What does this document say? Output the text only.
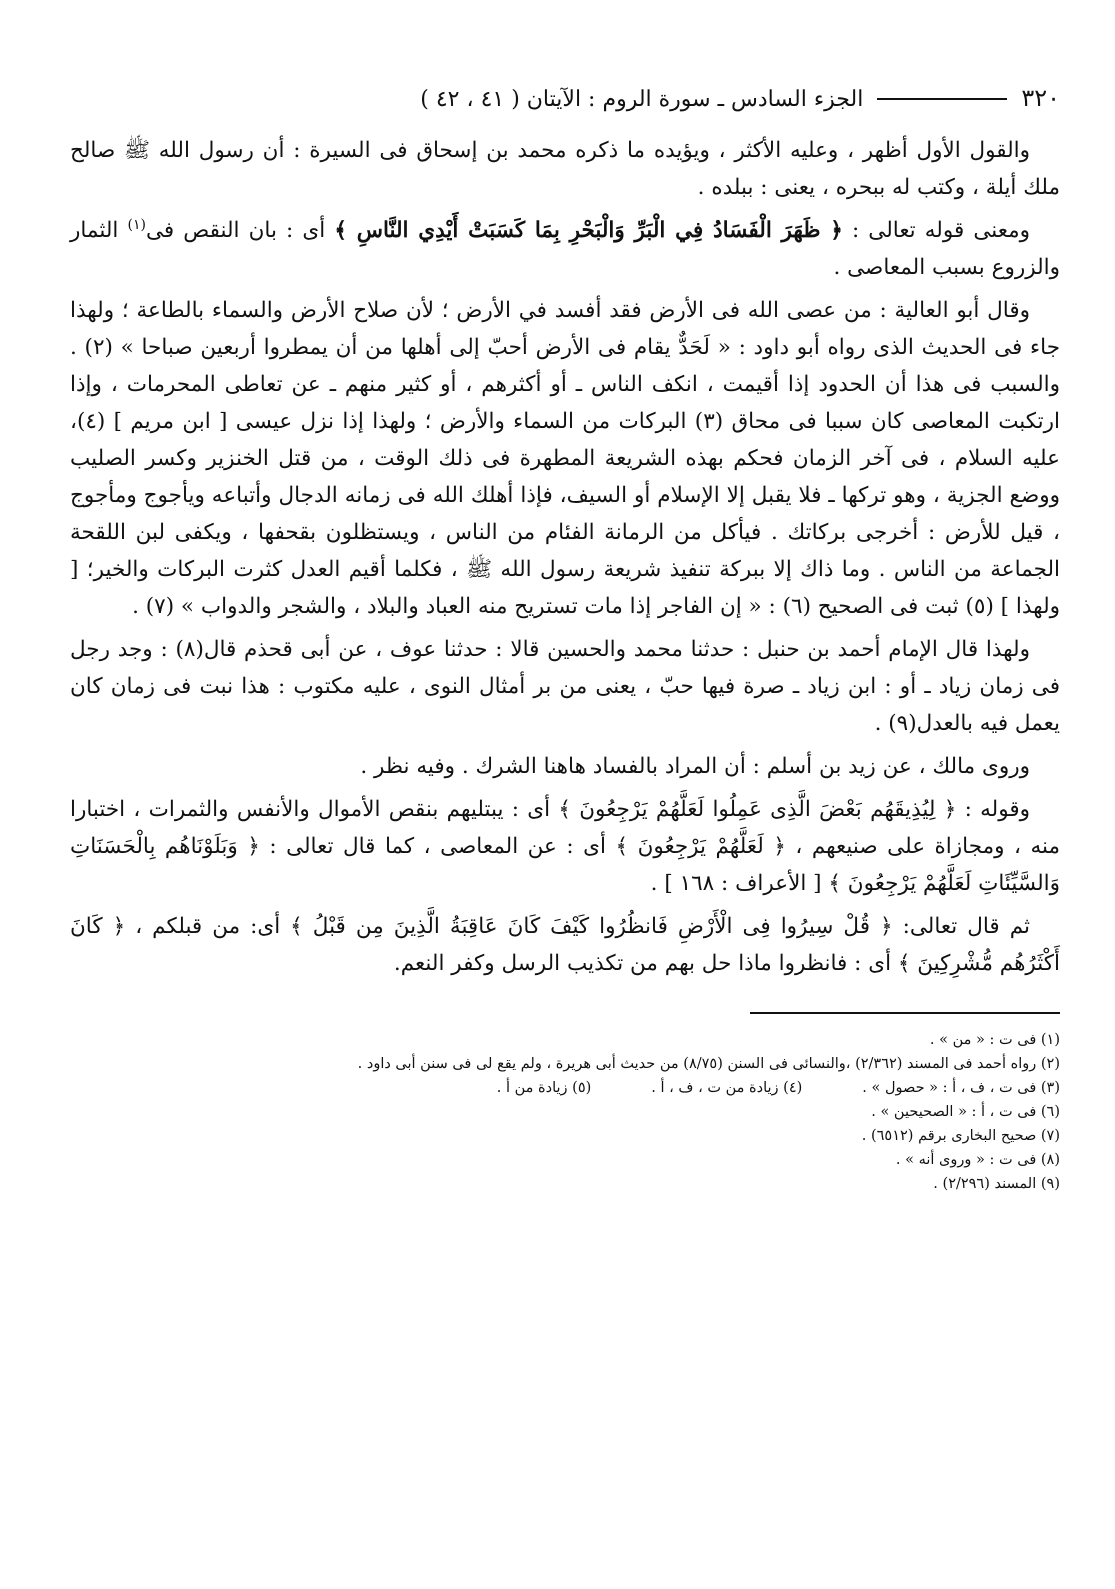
٣٢٠
الجزء السادس ـ سورة الروم : الآيتان ( ٤١ ، ٤٢ )

والقول الأول أظهر ، وعليه الأكثر ، ويؤيده ما ذكره محمد بن إسحاق فى السيرة : أن رسول الله ﷺ صالح ملك أيلة ، وكتب له ببحره ، يعنى : ببلده .

ومعنى قوله تعالى : ﴿ ظَهَرَ الْفَسَادُ فِي الْبَرِّ وَالْبَحْرِ بِمَا كَسَبَتْ أَيْدِي النَّاسِ ﴾ أى : بان النقص فى$^{(١)}$ الثمار والزروع بسبب المعاصى .

وقال أبو العالية : من عصى الله فى الأرض فقد أفسد في الأرض ؛ لأن صلاح الأرض والسماء بالطاعة ؛ ولهذا جاء فى الحديث الذى رواه أبو داود : « لَحَدٌّ يقام فى الأرض أحبّ إلى أهلها من أن يمطروا أربعين صباحا » (٢) . والسبب فى هذا أن الحدود إذا أقيمت ، انكف الناس ـ أو أكثرهم ، أو كثير منهم ـ عن تعاطى المحرمات ، وإذا ارتكبت المعاصى كان سببا فى محاق (٣) البركات من السماء والأرض ؛ ولهذا إذا نزل عيسى [ ابن مريم ] (٤)، عليه السلام ، فى آخر الزمان فحكم بهذه الشريعة المطهرة فى ذلك الوقت ، من قتل الخنزير وكسر الصليب ووضع الجزية ، وهو تركها ـ فلا يقبل إلا الإسلام أو السيف، فإذا أهلك الله فى زمانه الدجال وأتباعه ويأجوج ومأجوج ، قيل للأرض : أخرجى بركاتك . فيأكل من الرمانة الفئام من الناس ، ويستظلون بقحفها ، ويكفى لبن اللقحة الجماعة من الناس . وما ذاك إلا ببركة تنفيذ شريعة رسول الله ﷺ ، فكلما أقيم العدل كثرت البركات والخير؛ [ ولهذا ] (٥) ثبت فى الصحيح (٦) : « إن الفاجر إذا مات تستريح منه العباد والبلاد ، والشجر والدواب » (٧) .

ولهذا قال الإمام أحمد بن حنبل : حدثنا محمد والحسين قالا : حدثنا عوف ، عن أبى قحذم قال(٨) : وجد رجل فى زمان زياد ـ أو : ابن زياد ـ صرة فيها حبّ ، يعنى من بر أمثال النوى ، عليه مكتوب : هذا نبت فى زمان كان يعمل فيه بالعدل(٩) .

وروى مالك ، عن زيد بن أسلم : أن المراد بالفساد هاهنا الشرك . وفيه نظر .

وقوله : ﴿ لِيُذِيقَهُم بَعْضَ الَّذِى عَمِلُوا لَعَلَّهُمْ يَرْجِعُونَ ﴾ أى : يبتليهم بنقص الأموال والأنفس والثمرات ، اختبارا منه ، ومجازاة على صنيعهم ، ﴿ لَعَلَّهُمْ يَرْجِعُونَ ﴾ أى : عن المعاصى ، كما قال تعالى : ﴿ وَبَلَوْنَاهُم بِالْحَسَنَاتِ وَالسَّيِّئَاتِ لَعَلَّهُمْ يَرْجِعُونَ ﴾ [ الأعراف : ١٦٨ ] .

ثم قال تعالى: ﴿ قُلْ سِيرُوا فِى الْأَرْضِ فَانظُرُوا كَيْفَ كَانَ عَاقِبَةُ الَّذِينَ مِن قَبْلُ ﴾ أى: من قبلكم ، ﴿ كَانَ أَكْثَرُهُم مُّشْرِكِينَ ﴾ أى : فانظروا ماذا حل بهم من تكذيب الرسل وكفر النعم.

(١) فى ت : « من » .

(٢) رواه أحمد فى المسند (٢/٣٦٢) ،والنسائى فى السنن (٨/٧٥) من حديث أبى هريرة ، ولم يقع لى فى سنن أبى داود .

(٣) فى ت ، ف ، أ : « حصول » .
(٤) زيادة من ت ، ف ، أ .
(٥) زيادة من أ .

(٦) فى ت ، أ : « الصحيحين » .

(٧) صحيح البخارى برقم (٦٥١٢) .

(٨) فى ت : « وروى أنه » .

(٩) المسند (٢/٢٩٦) .
